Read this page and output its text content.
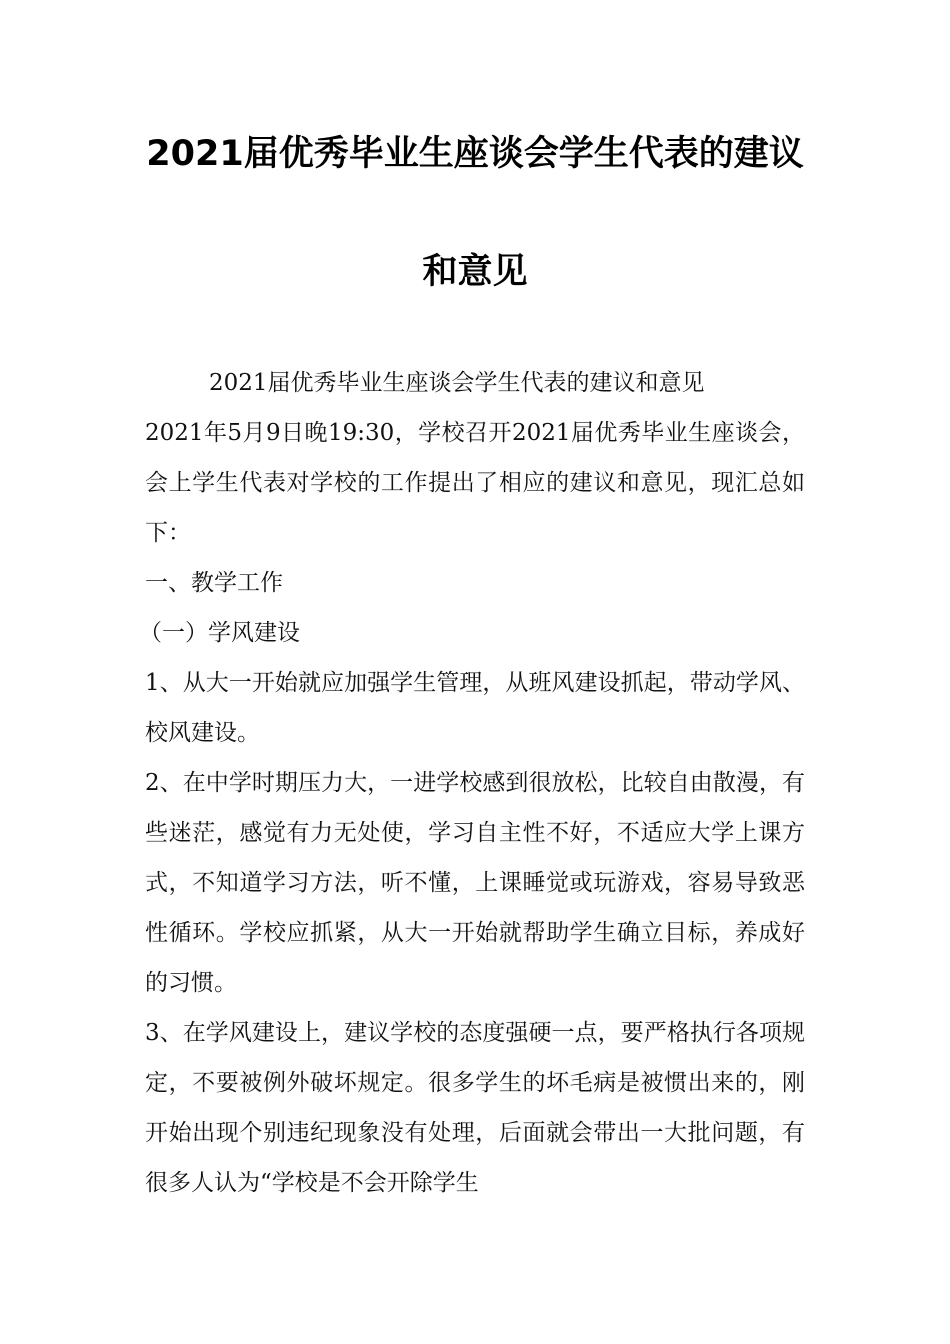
2021届优秀毕业生座谈会学生代表的建议
和意见

2021届优秀毕业生座谈会学生代表的建议和意见

2021年5月9日晚19:30，学校召开2021届优秀毕业生座谈会，会上学生代表对学校的工作提出了相应的建议和意见，现汇总如下：

一、教学工作

（一）学风建设

1、从大一开始就应加强学生管理，从班风建设抓起，带动学风、校风建设。

2、在中学时期压力大，一进学校感到很放松，比较自由散漫，有些迷茫，感觉有力无处使，学习自主性不好，不适应大学上课方式，不知道学习方法，听不懂，上课睡觉或玩游戏，容易导致恶性循环。学校应抓紧，从大一开始就帮助学生确立目标，养成好的习惯。

3、在学风建设上，建议学校的态度强硬一点，要严格执行各项规定，不要被例外破坏规定。很多学生的坏毛病是被惯出来的，刚开始出现个别违纪现象没有处理，后面就会带出一大批问题，有很多人认为“学校是不会开除学生
